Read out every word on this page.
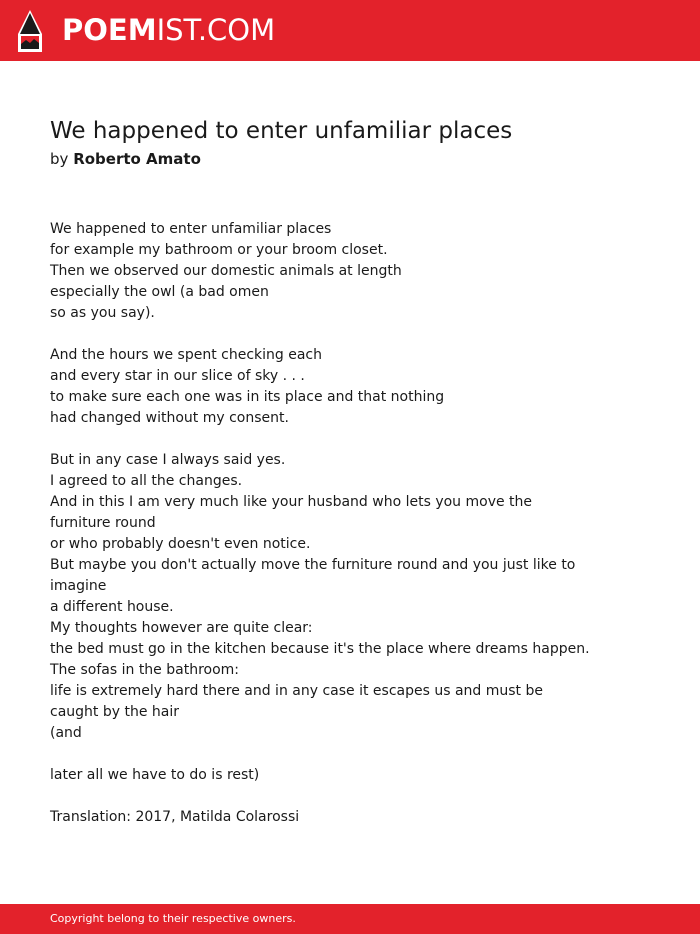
POEMIST.COM
We happened to enter unfamiliar places
by Roberto Amato
We happened to enter unfamiliar places
for example my bathroom or your broom closet.
Then we observed our domestic animals at length
especially the owl (a bad omen
so as you say).
And the hours we spent checking each
and every star in our slice of sky . . .
to make sure each one was in its place and that nothing
had changed without my consent.
But in any case I always said yes.
I agreed to all the changes.
And in this I am very much like your husband who lets you move the
furniture round
or who probably doesn't even notice.
But maybe you don't actually move the furniture round and you just like to
imagine
a different house.
My thoughts however are quite clear:
the bed must go in the kitchen because it's the place where dreams happen.
The sofas in the bathroom:
life is extremely hard there and in any case it escapes us and must be
caught by the hair
(and
later all we have to do is rest)
Translation: 2017, Matilda Colarossi
Copyright belong to their respective owners.
